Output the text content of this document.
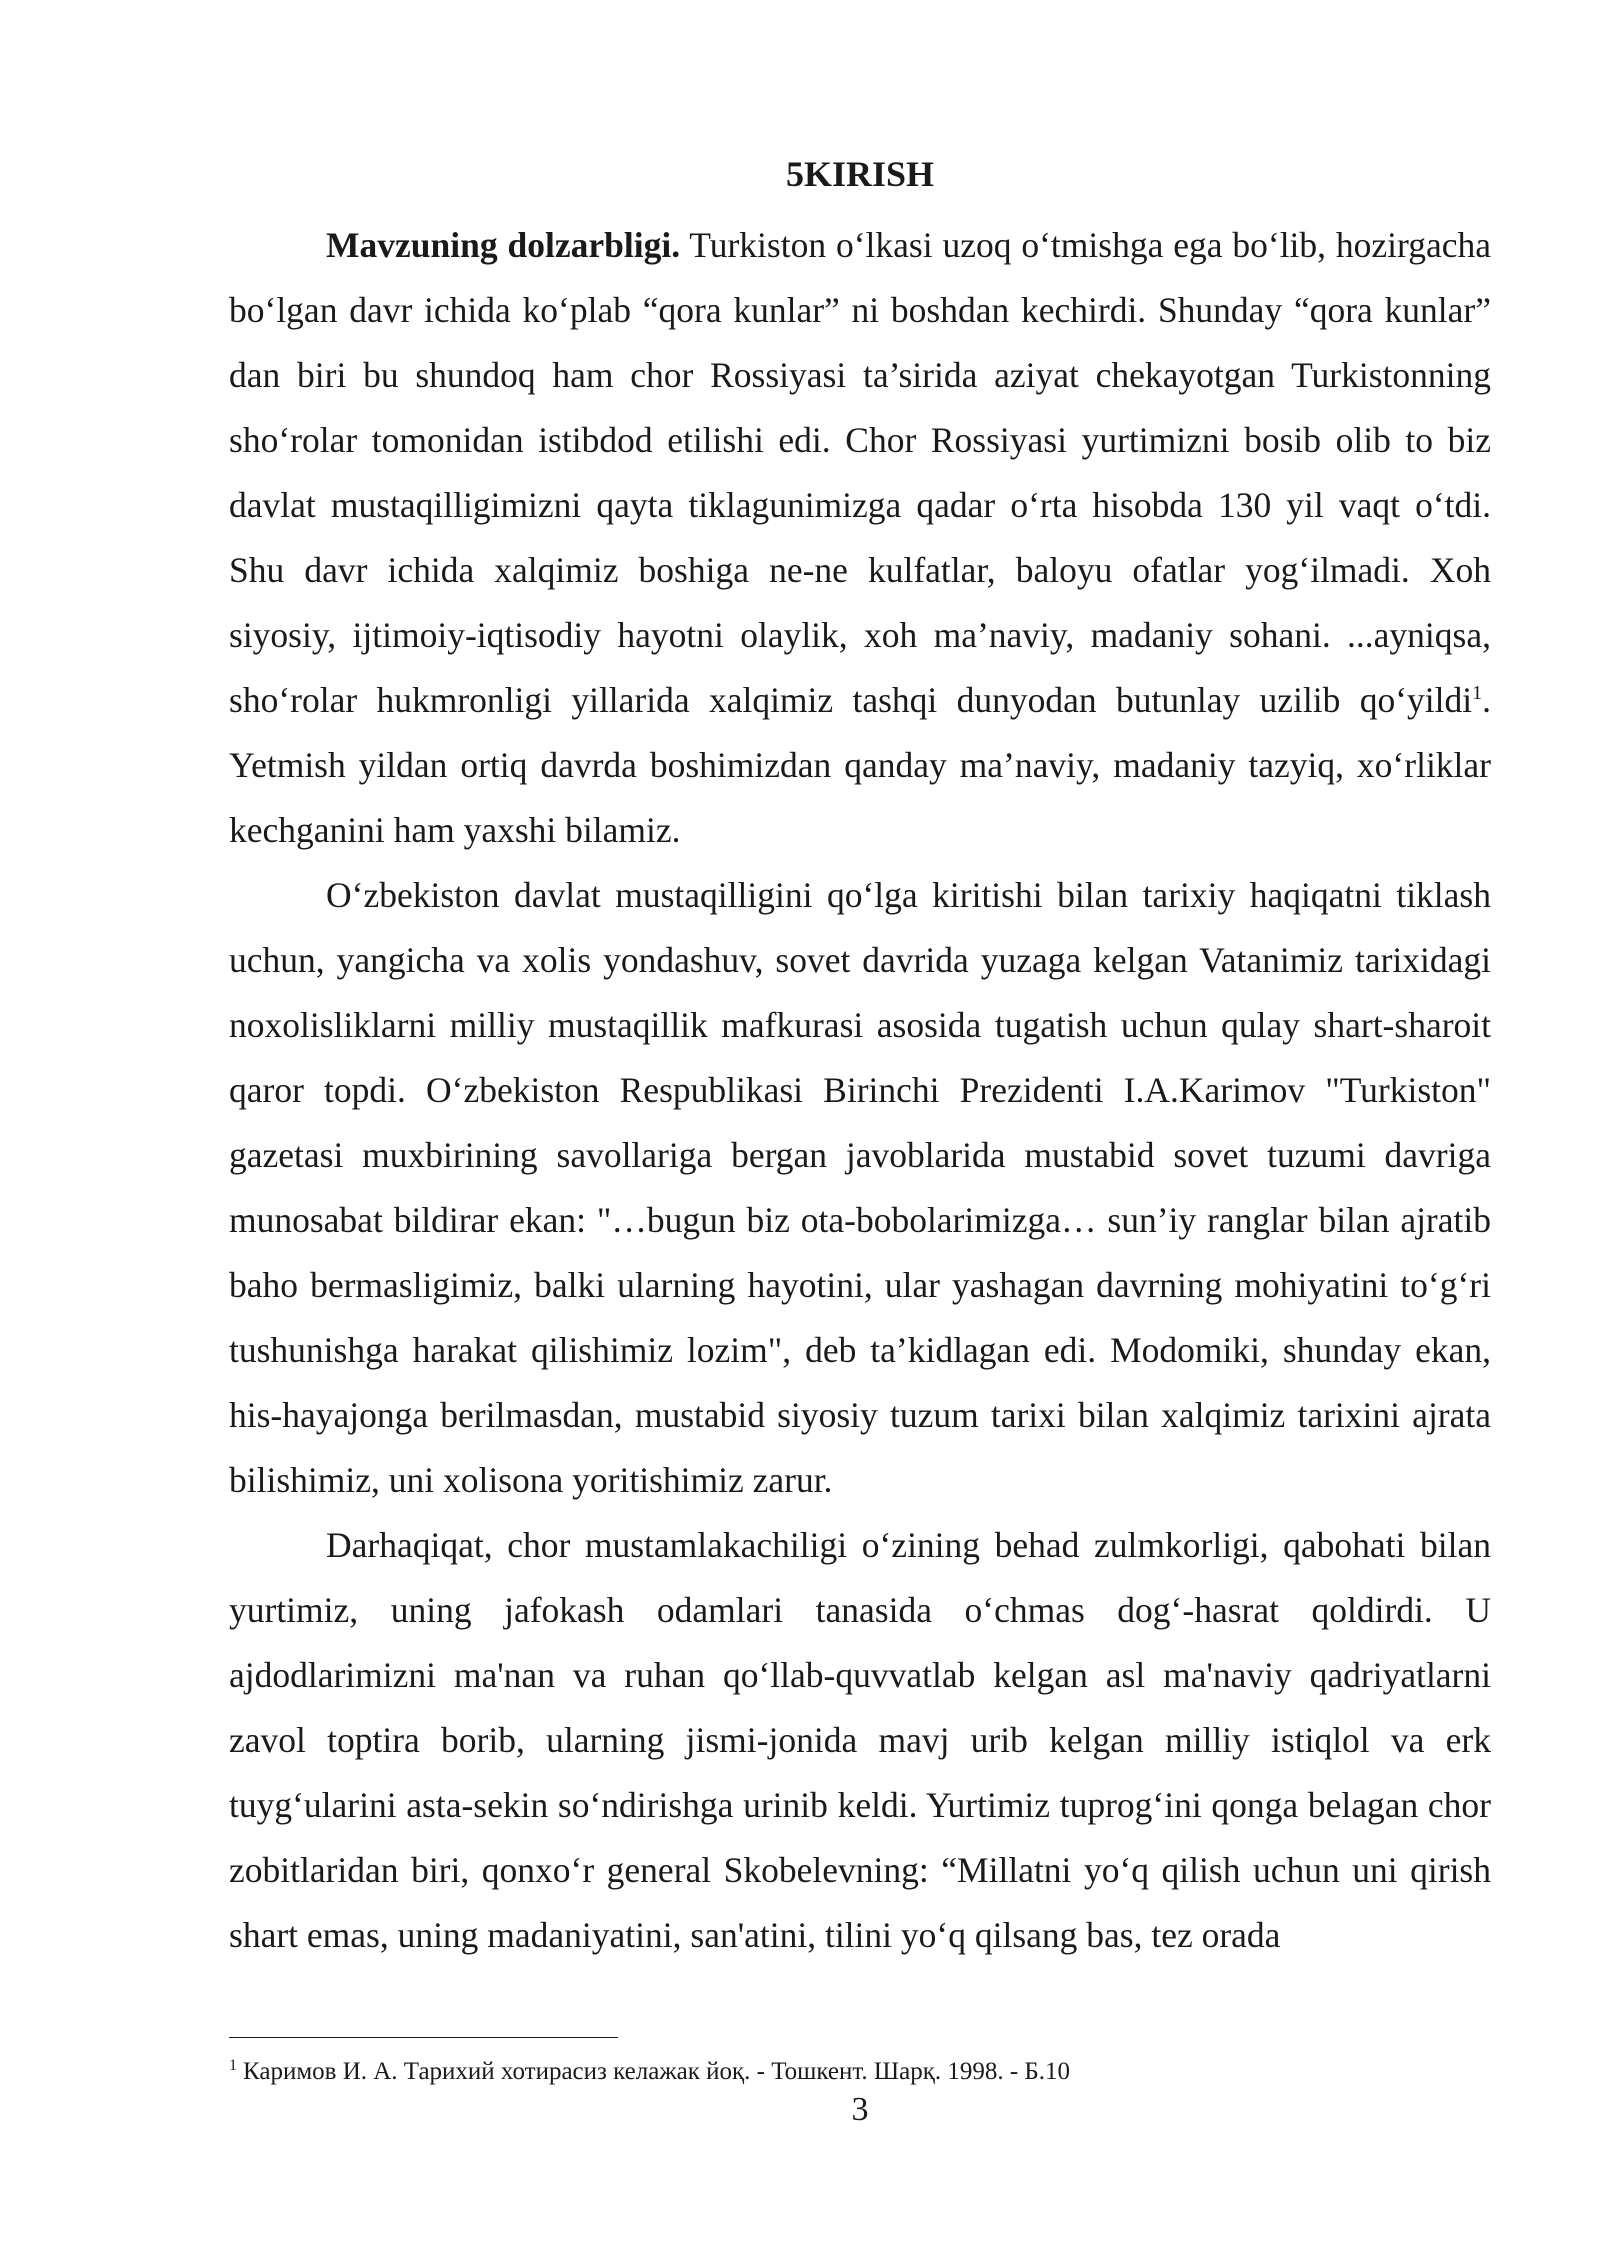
5KIRISH

Mavzuning dolzarbligi. Turkiston o‘lkasi uzoq o‘tmishga ega bo‘lib, hozirgacha bo‘lgan davr ichida ko‘plab “qora kunlar” ni boshdan kechirdi. Shunday “qora kunlar” dan biri bu shundoq ham chor Rossiyasi ta’sirida aziyat chekayotgan Turkistonning sho‘rolar tomonidan istibdod etilishi edi. Chor Rossiyasi yurtimizni bosib olib to biz davlat mustaqilligimizni qayta tiklagunimizga qadar o‘rta hisobda 130 yil vaqt o‘tdi. Shu davr ichida xalqimiz boshiga ne-ne kulfatlar, baloyu ofatlar yog‘ilmadi. Xoh siyosiy, ijtimoiy-iqtisodiy hayotni olaylik, xoh ma’naviy, madaniy sohani. ...ayniqsa, sho‘rolar hukmronligi yillarida xalqimiz tashqi dunyodan butunlay uzilib qo‘yildi$^1$. Yetmish yildan ortiq davrda boshimizdan qanday ma’naviy, madaniy tazyiq, xo‘rliklar kechganini ham yaxshi bilamiz.

O‘zbekiston davlat mustaqilligini qo‘lga kiritishi bilan tarixiy haqiqatni tiklash uchun, yangicha va xolis yondashuv, sovet davrida yuzaga kelgan Vatanimiz tarixidagi noxolisliklarni milliy mustaqillik mafkurasi asosida tugatish uchun qulay shart-sharoit qaror topdi. O‘zbekiston Respublikasi Birinchi Prezidenti I.A.Karimov "Turkiston" gazetasi muxbirining savollariga bergan javoblarida mustabid sovet tuzumi davriga munosabat bildirar ekan: "…bugun biz ota-bobolarimizga… sun’iy ranglar bilan ajratib baho bermasligimiz, balki ularning hayotini, ular yashagan davrning mohiyatini to‘g‘ri tushunishga harakat qilishimiz lozim", deb ta’kidlagan edi. Modomiki, shunday ekan, his-hayajonga berilmasdan, mustabid siyosiy tuzum tarixi bilan xalqimiz tarixini ajrata bilishimiz, uni xolisona yoritishimiz zarur.

Darhaqiqat, chor mustamlakachiligi o‘zining behad zulmkorligi, qabohati bilan yurtimiz, uning jafokash odamlari tanasida o‘chmas dog‘-hasrat qoldirdi. U ajdodlarimizni ma'nan va ruhan qo‘llab-quvvatlab kelgan asl ma'naviy qadriyatlarni zavol toptira borib, ularning jismi-jonida mavj urib kelgan milliy istiqlol va erk tuyg‘ularini asta-sekin so‘ndirishga urinib keldi. Yurtimiz tuprog‘ini qonga belagan chor zobitlaridan biri, qonxo‘r general Skobelevning: “Millatni yo‘q qilish uchun uni qirish shart emas, uning madaniyatini, san'atini, tilini yo‘q qilsang bas, tez orada

$^1$ Каримов И. А. Тарихий хотирасиз келажак йоқ. - Тошкент. Шарқ. 1998. - Б.10

3
